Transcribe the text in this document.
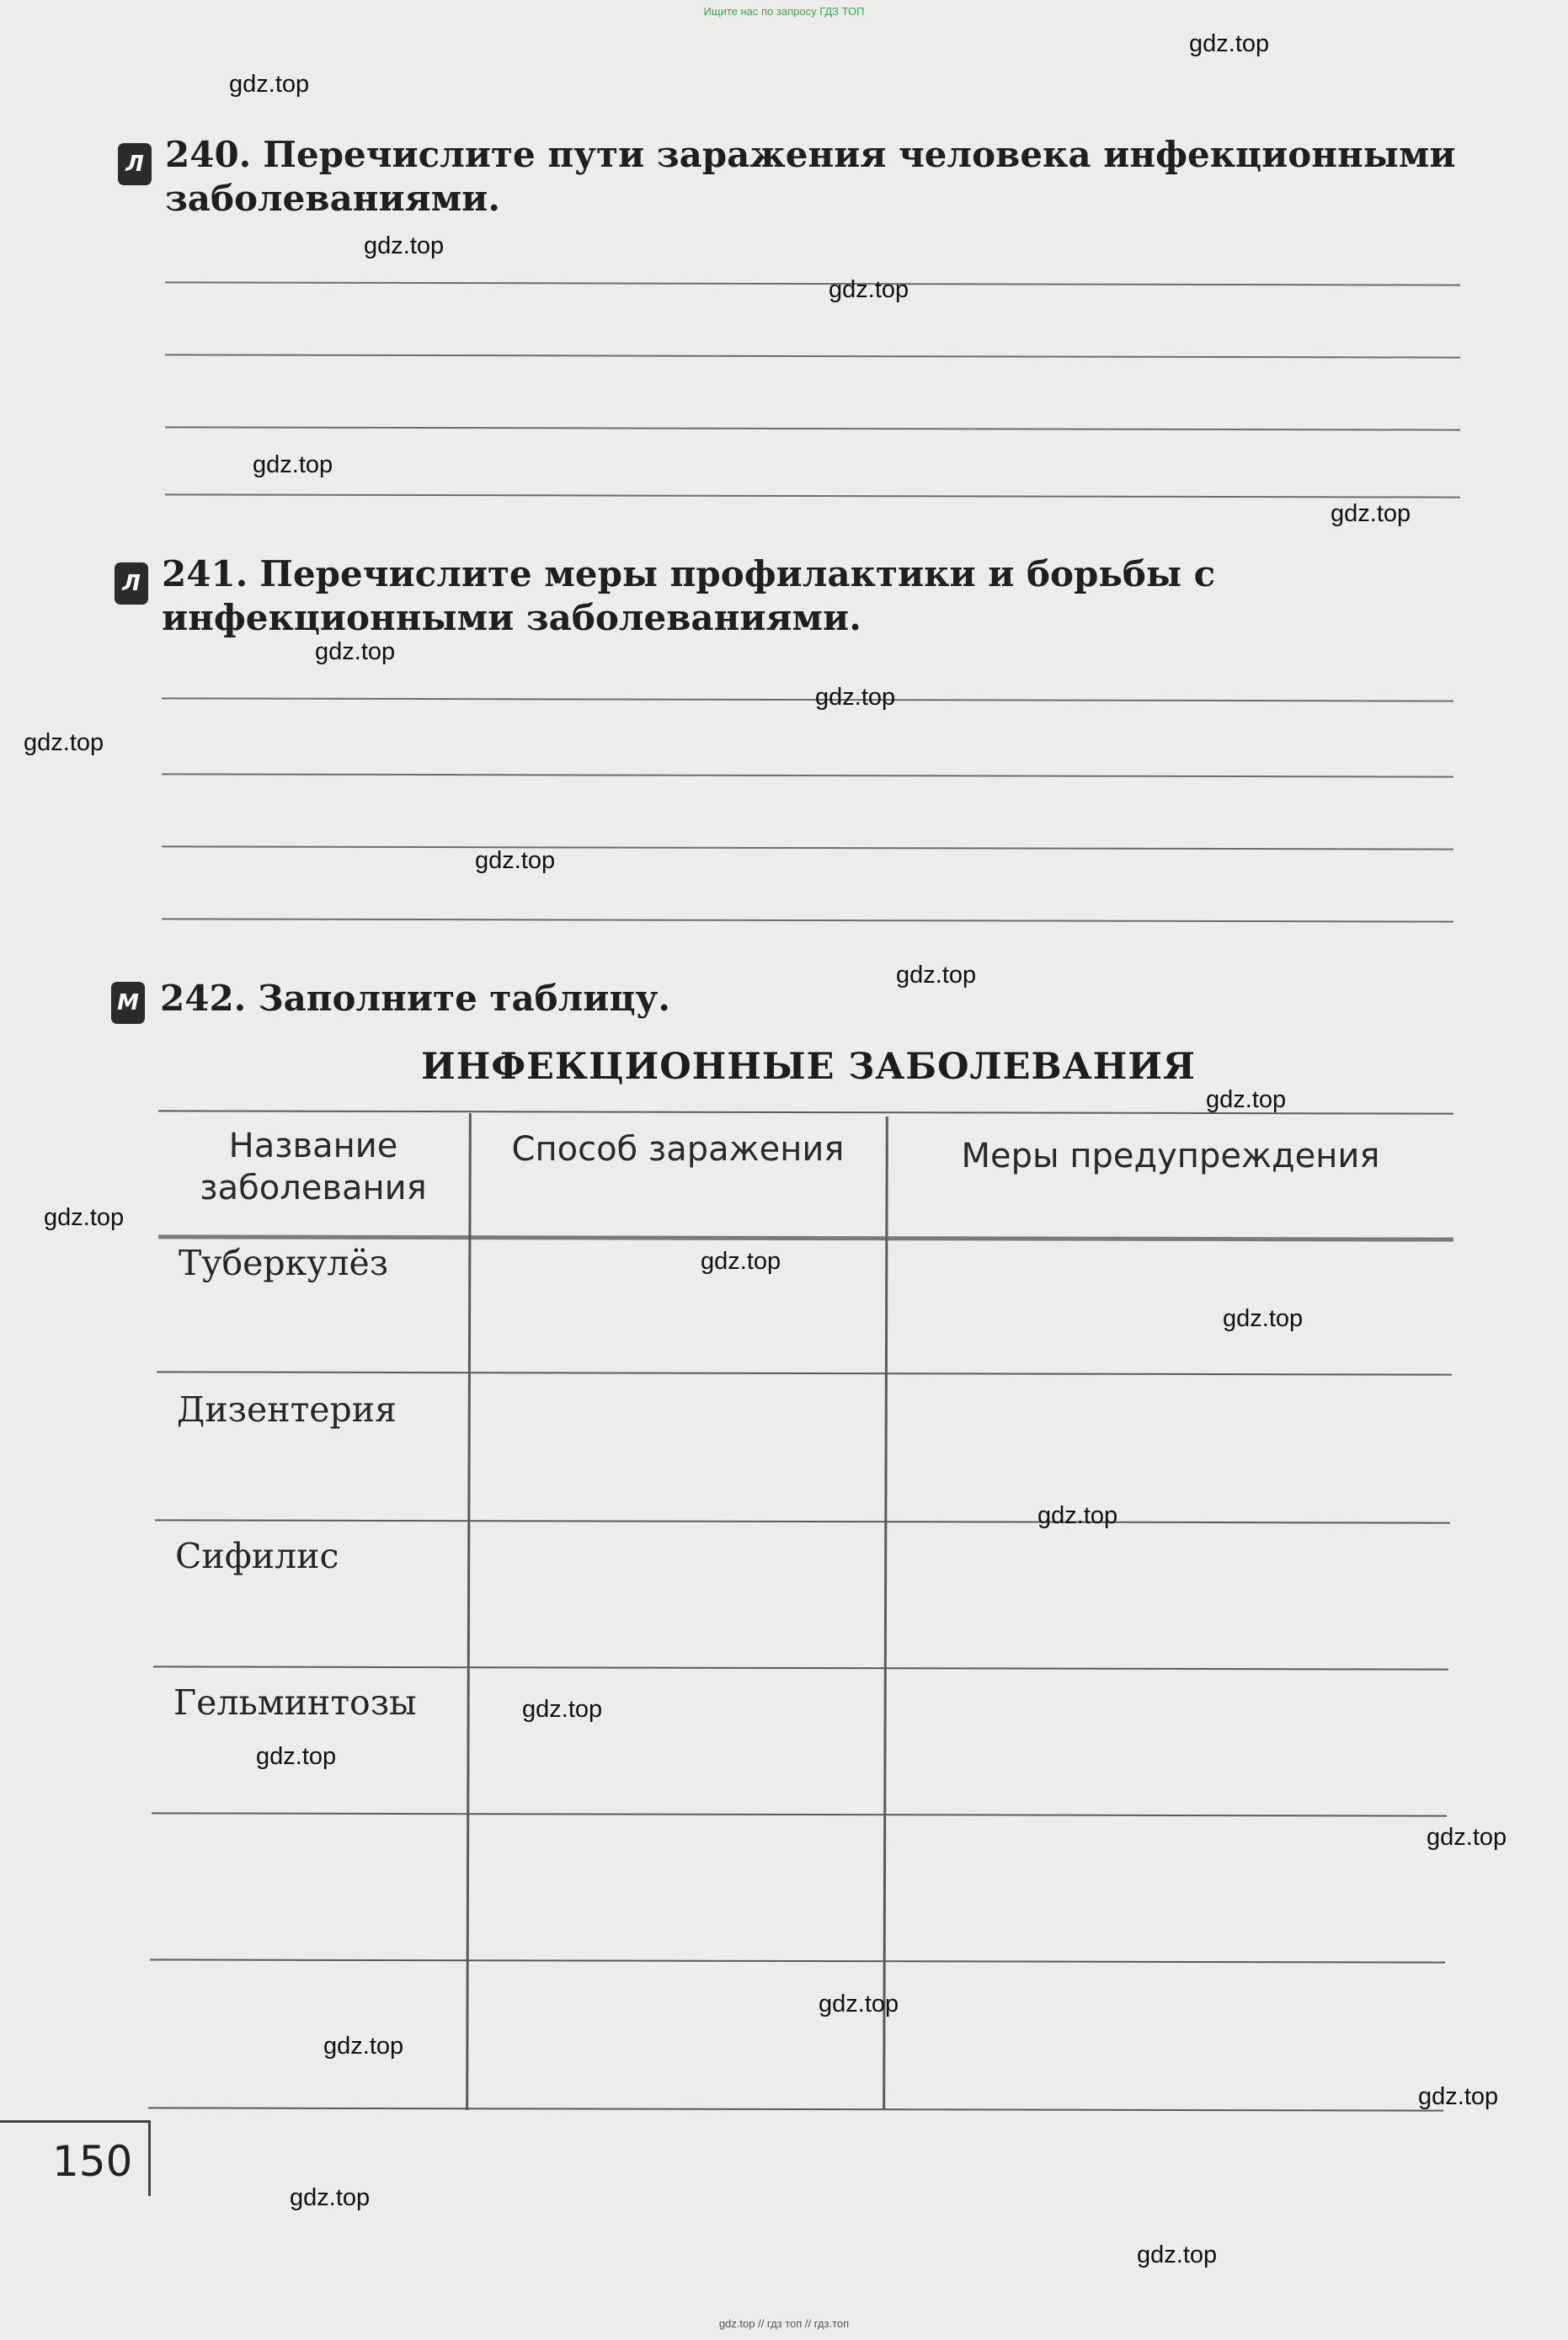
Ищите нас по запросу ГДЗ ТОП
gdz.top // гдз топ // гдз.топ
Л 240. Перечислите пути заражения человека инфекционными заболеваниями.
Л 241. Перечислите меры профилактики и борьбы с инфекционными заболеваниями.
М 242. Заполните таблицу.
ИНФЕКЦИОННЫЕ ЗАБОЛЕВАНИЯ
Название заболевания
Способ заражения	Меры предупреждения
Туберкулёз
Дизентерия
Сифилис
Гельминтозы
150
gdz.top
gdz.top
gdz.top
gdz.top
gdz.top
gdz.top
gdz.top
gdz.top
gdz.top
gdz.top
gdz.top
gdz.top
gdz.top
gdz.top
gdz.top
gdz.top
gdz.top
gdz.top
gdz.top
gdz.top
gdz.top
gdz.top
gdz.top
gdz.top
